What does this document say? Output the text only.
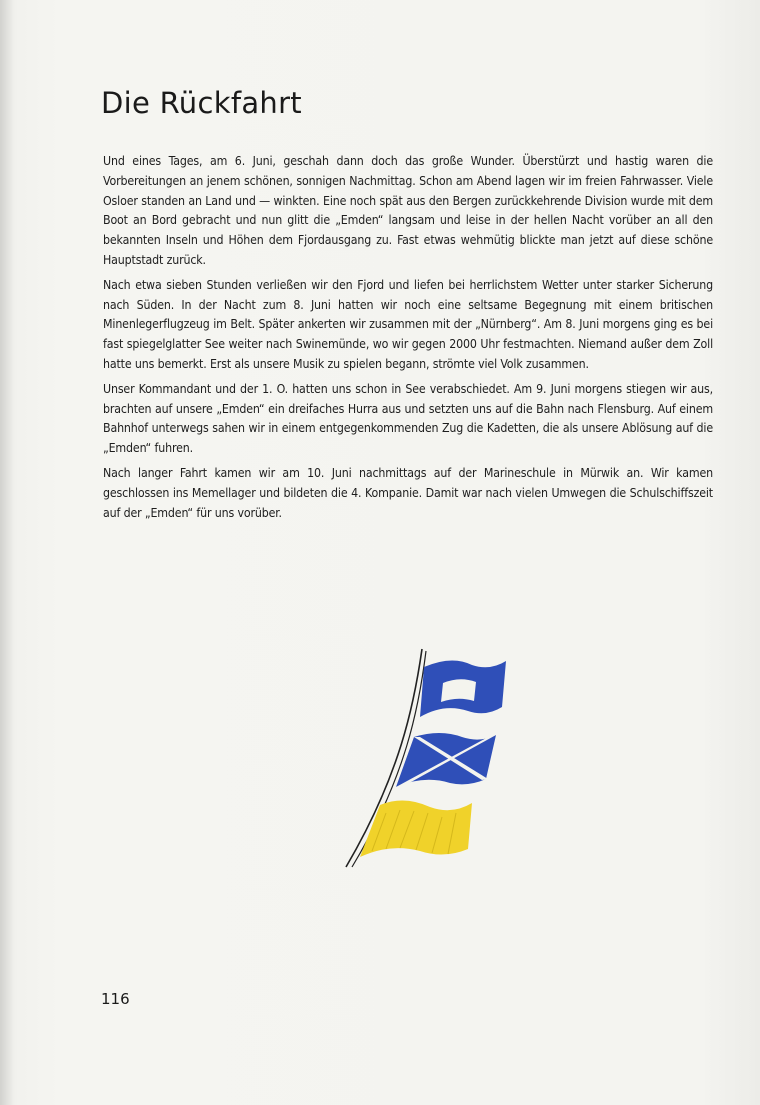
Die Rückfahrt

Und eines Tages, am 6. Juni, geschah dann doch das große Wunder. Überstürzt und hastig waren die Vorbereitungen an jenem schönen, sonnigen Nachmittag. Schon am Abend lagen wir im freien Fahrwasser. Viele Osloer standen an Land und — winkten. Eine noch spät aus den Bergen zurückkehrende Division wurde mit dem Boot an Bord gebracht und nun glitt die „Emden“ langsam und leise in der hellen Nacht vorüber an all den bekannten Inseln und Höhen dem Fjordausgang zu. Fast etwas wehmütig blickte man jetzt auf diese schöne Hauptstadt zurück.

Nach etwa sieben Stunden verließen wir den Fjord und liefen bei herrlichstem Wetter unter starker Sicherung nach Süden. In der Nacht zum 8. Juni hatten wir noch eine seltsame Begegnung mit einem britischen Minenlegerflugzeug im Belt. Später ankerten wir zusammen mit der „Nürnberg“. Am 8. Juni morgens ging es bei fast spiegelglatter See weiter nach Swinemünde, wo wir gegen 2000 Uhr festmachten. Niemand außer dem Zoll hatte uns bemerkt. Erst als unsere Musik zu spielen begann, strömte viel Volk zusammen.

Unser Kommandant und der 1. O. hatten uns schon in See verabschiedet. Am 9. Juni morgens stiegen wir aus, brachten auf unsere „Emden“ ein dreifaches Hurra aus und setzten uns auf die Bahn nach Flensburg. Auf einem Bahnhof unterwegs sahen wir in einem entgegenkommenden Zug die Kadetten, die als unsere Ablösung auf die „Emden“ fuhren.

Nach langer Fahrt kamen wir am 10. Juni nachmittags auf der Marineschule in Mürwik an. Wir kamen geschlossen ins Memellager und bildeten die 4. Kompanie. Damit war nach vielen Umwegen die Schulschiffszeit auf der „Emden“ für uns vorüber.

116
